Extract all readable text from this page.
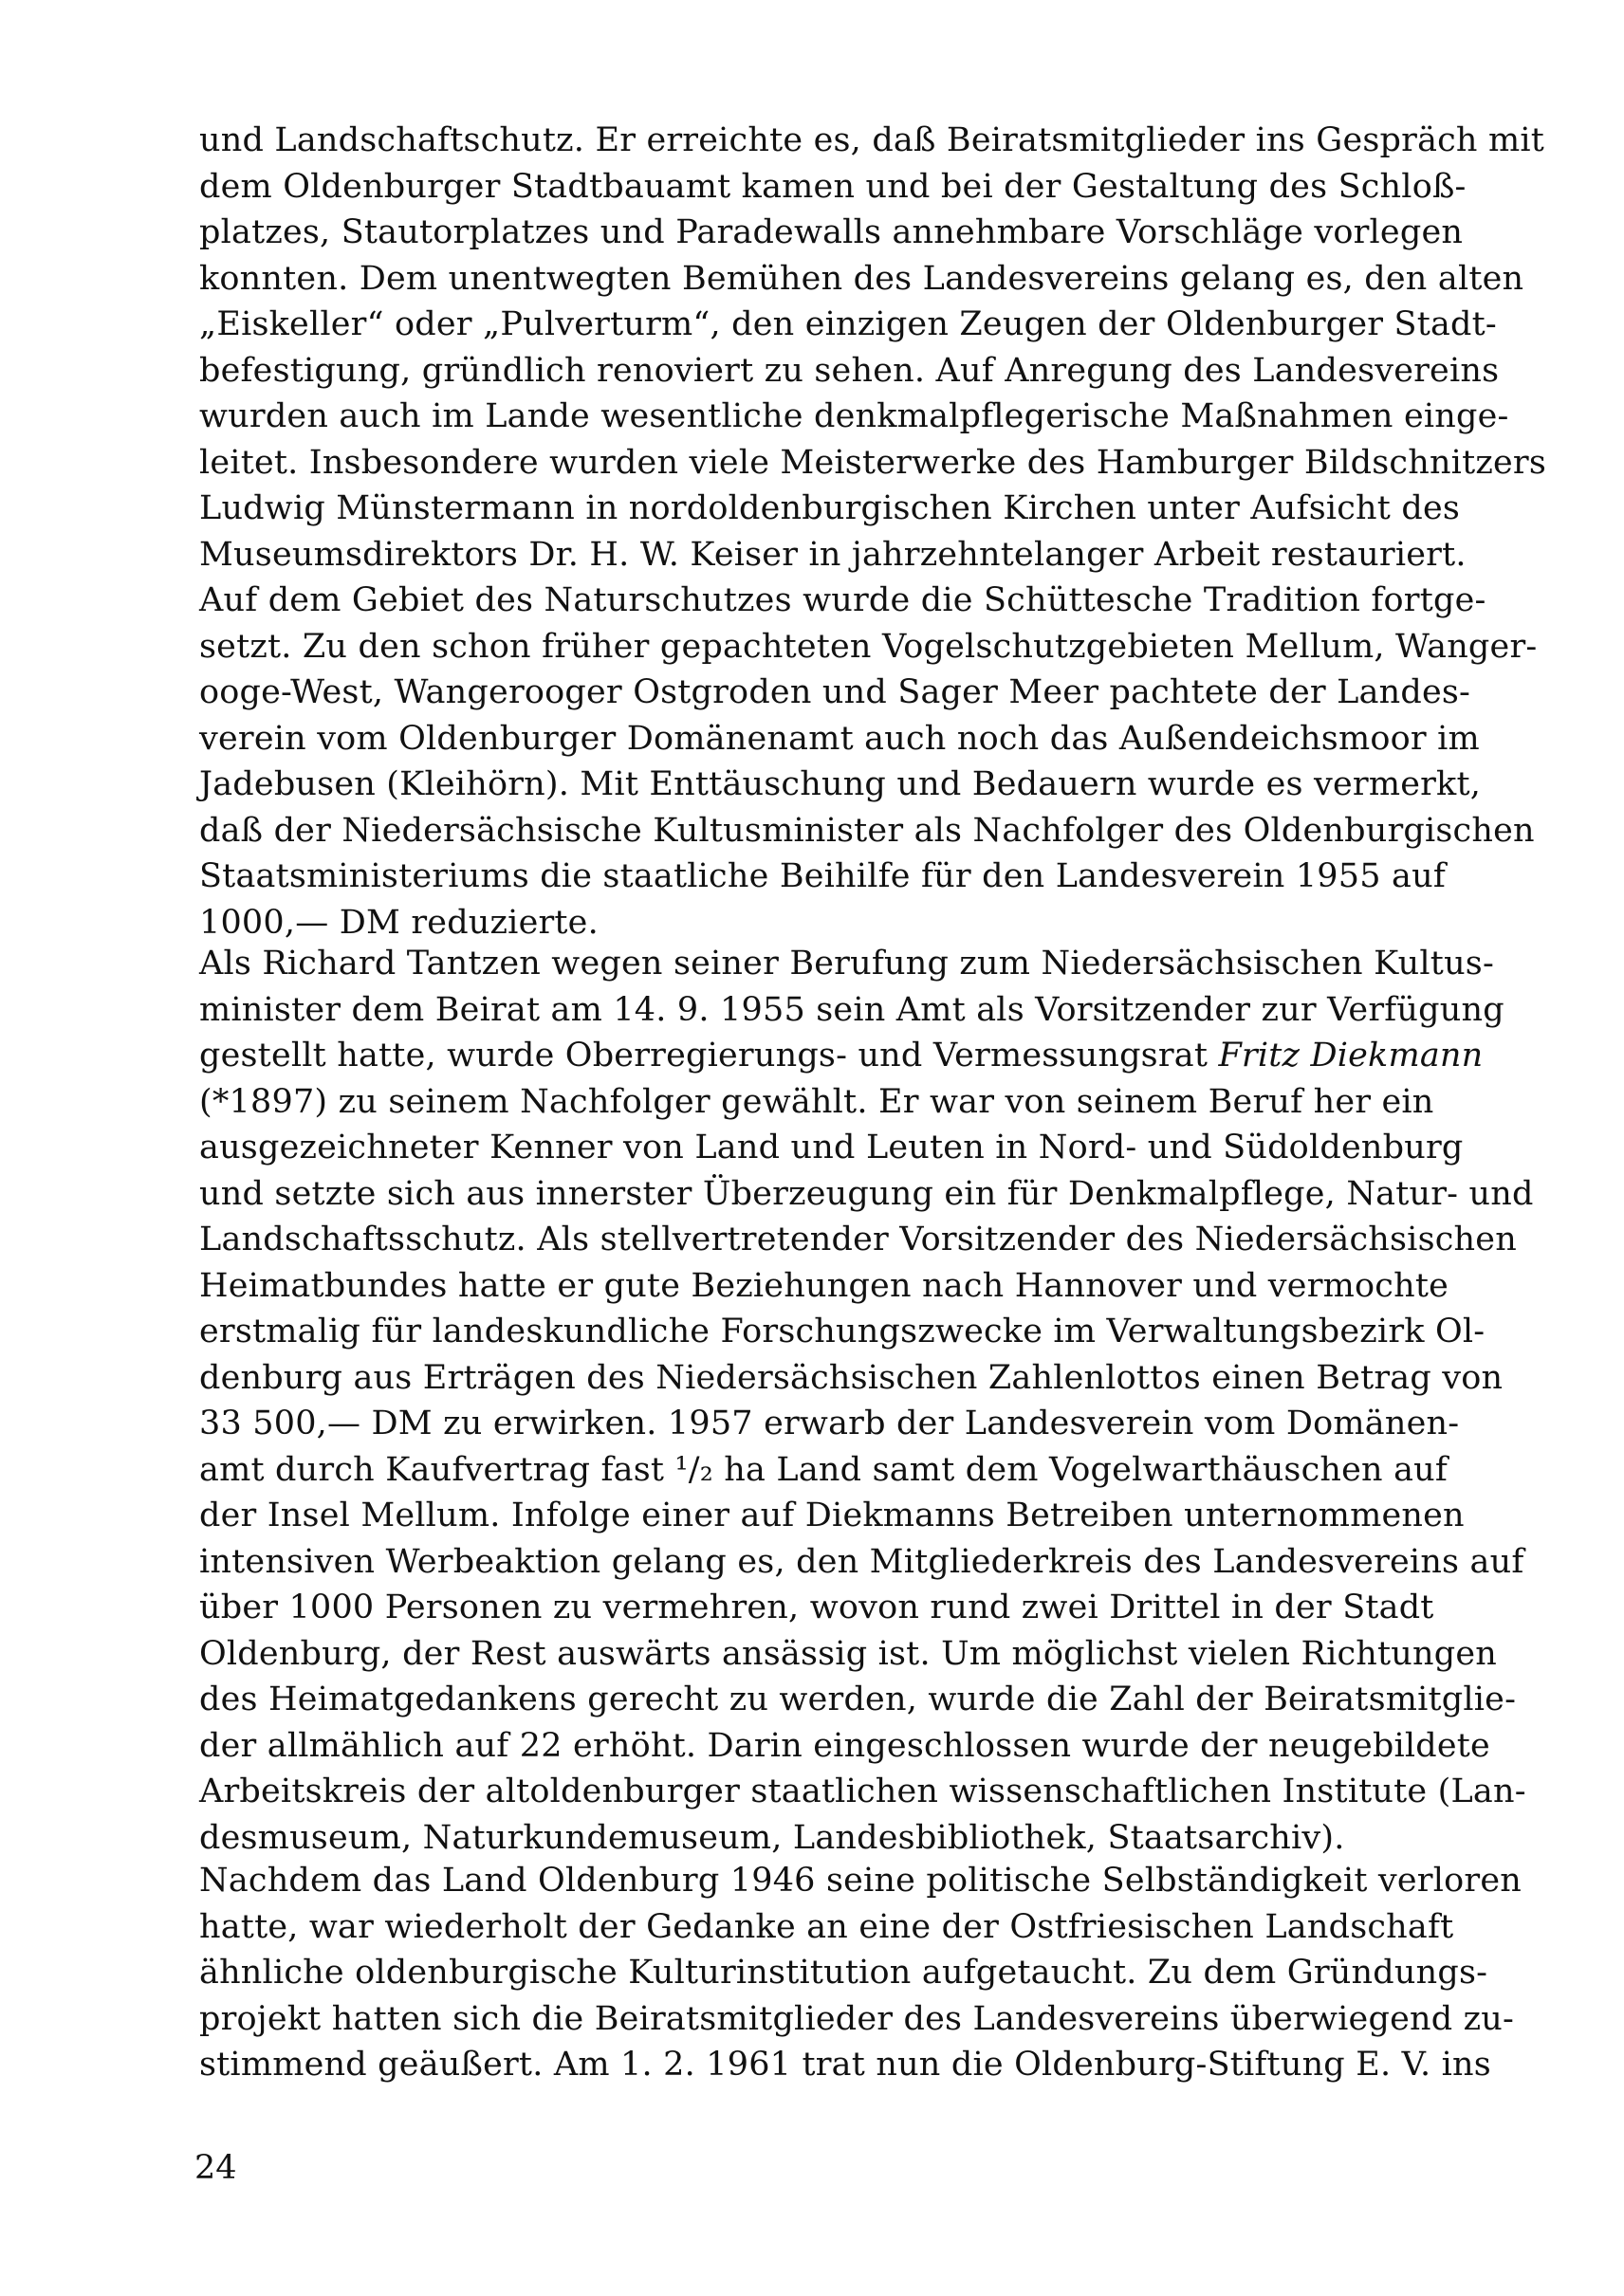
und Landschaftschutz. Er erreichte es, daß Beiratsmitglieder ins Gespräch mit
dem Oldenburger Stadtbauamt kamen und bei der Gestaltung des Schloß-
platzes, Stautorplatzes und Paradewalls annehmbare Vorschläge vorlegen
konnten. Dem unentwegten Bemühen des Landesvereins gelang es, den alten
„Eiskeller“ oder „Pulverturm“, den einzigen Zeugen der Oldenburger Stadt-
befestigung, gründlich renoviert zu sehen. Auf Anregung des Landesvereins
wurden auch im Lande wesentliche denkmalpflegerische Maßnahmen einge-
leitet. Insbesondere wurden viele Meisterwerke des Hamburger Bildschnitzers
Ludwig Münstermann in nordoldenburgischen Kirchen unter Aufsicht des
Museumsdirektors Dr. H. W. Keiser in jahrzehntelanger Arbeit restauriert.
Auf dem Gebiet des Naturschutzes wurde die Schüttesche Tradition fortge-
setzt. Zu den schon früher gepachteten Vogelschutzgebieten Mellum, Wanger-
ooge-West, Wangerooger Ostgroden und Sager Meer pachtete der Landes-
verein vom Oldenburger Domänenamt auch noch das Außendeichsmoor im
Jadebusen (Kleihörn). Mit Enttäuschung und Bedauern wurde es vermerkt,
daß der Niedersächsische Kultusminister als Nachfolger des Oldenburgischen
Staatsministeriums die staatliche Beihilfe für den Landesverein 1955 auf
1000,— DM reduzierte.
Als Richard Tantzen wegen seiner Berufung zum Niedersächsischen Kultus-
minister dem Beirat am 14. 9. 1955 sein Amt als Vorsitzender zur Verfügung
gestellt hatte, wurde Oberregierungs- und Vermessungsrat Fritz Diekmann
(*1897) zu seinem Nachfolger gewählt. Er war von seinem Beruf her ein
ausgezeichneter Kenner von Land und Leuten in Nord- und Südoldenburg
und setzte sich aus innerster Überzeugung ein für Denkmalpflege, Natur- und
Landschaftsschutz. Als stellvertretender Vorsitzender des Niedersächsischen
Heimatbundes hatte er gute Beziehungen nach Hannover und vermochte
erstmalig für landeskundliche Forschungszwecke im Verwaltungsbezirk Ol-
denburg aus Erträgen des Niedersächsischen Zahlenlottos einen Betrag von
33 500,— DM zu erwirken. 1957 erwarb der Landesverein vom Domänen-
amt durch Kaufvertrag fast ¹/₂ ha Land samt dem Vogelwarthäuschen auf
der Insel Mellum. Infolge einer auf Diekmanns Betreiben unternommenen
intensiven Werbeaktion gelang es, den Mitgliederkreis des Landesvereins auf
über 1000 Personen zu vermehren, wovon rund zwei Drittel in der Stadt
Oldenburg, der Rest auswärts ansässig ist. Um möglichst vielen Richtungen
des Heimatgedankens gerecht zu werden, wurde die Zahl der Beiratsmitglie-
der allmählich auf 22 erhöht. Darin eingeschlossen wurde der neugebildete
Arbeitskreis der altoldenburger staatlichen wissenschaftlichen Institute (Lan-
desmuseum, Naturkundemuseum, Landesbibliothek, Staatsarchiv).
Nachdem das Land Oldenburg 1946 seine politische Selbständigkeit verloren
hatte, war wiederholt der Gedanke an eine der Ostfriesischen Landschaft
ähnliche oldenburgische Kulturinstitution aufgetaucht. Zu dem Gründungs-
projekt hatten sich die Beiratsmitglieder des Landesvereins überwiegend zu-
stimmend geäußert. Am 1. 2. 1961 trat nun die Oldenburg-Stiftung E. V. ins
24
